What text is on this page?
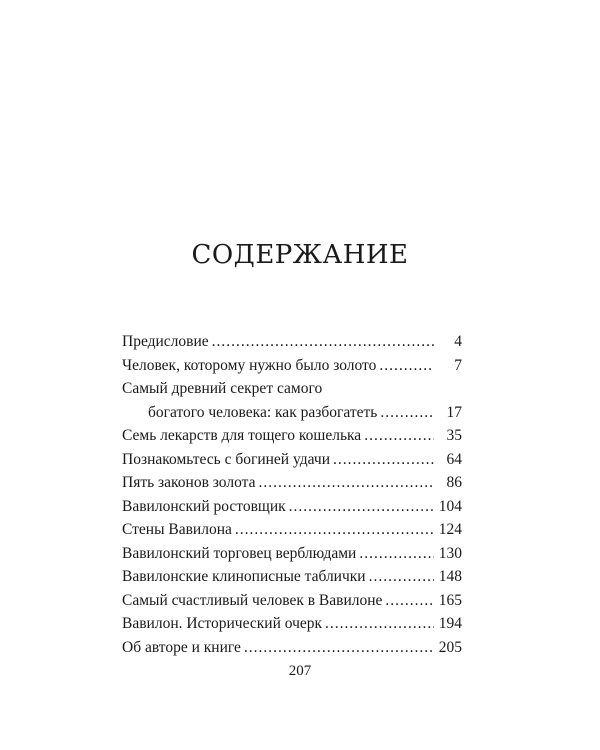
СОДЕРЖАНИЕ
Предисловие .....	4
Человек, которому нужно было золото .....	7
Самый древний секрет самого
богатого человека: как разбогатеть .....	17
Семь лекарств для тощего кошелька .....	35
Познакомьтесь с богиней удачи .....	64
Пять законов золота .....	86
Вавилонский ростовщик .....	104
Стены Вавилона .....	124
Вавилонский торговец верблюдами .....	130
Вавилонские клинописные таблички .....	148
Самый счастливый человек в Вавилоне .....	165
Вавилон. Исторический очерк .....	194
Об авторе и книге .....	205

207
